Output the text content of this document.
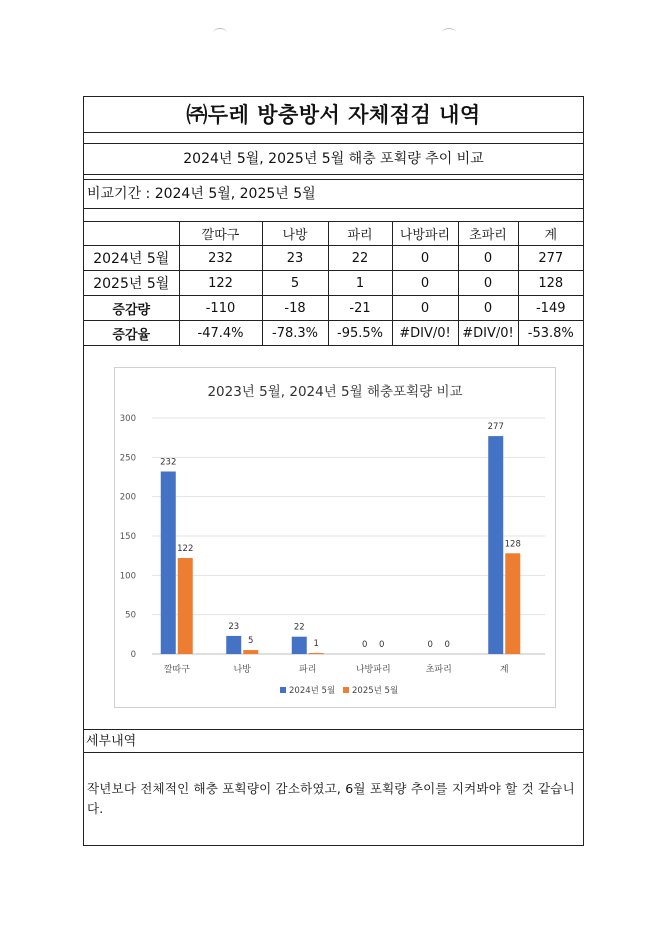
㈜두레 방충방서 자체점검 내역
2024년 5월, 2025년 5월 해충 포획량 추이 비교
비교기간 : 2024년 5월, 2025년 5월
	깔따구	나방	파리	나방파리	초파리	계
2024년 5월	232	23	22	0	0	277
2025년 5월	122	5	1	0	0	128
증감량	-110	-18	-21	0	0	-149
증감율	-47.4%	-78.3%	-95.5%	#DIV/0!	#DIV/0!	-53.8%
2023년 5월, 2024년 5월 해충포획량 비교
0
50
100
150
200
250
300
232
122
깔따구
23
5
나방
22
1
파리
0 0
나방파리
0 0
초파리
277
128
계
2024년 5월 2025년 5월
세부내역
작년보다 전체적인 해충 포획량이 감소하였고, 6월 포획량 추이를 지켜봐야 할 것 같습니다.
